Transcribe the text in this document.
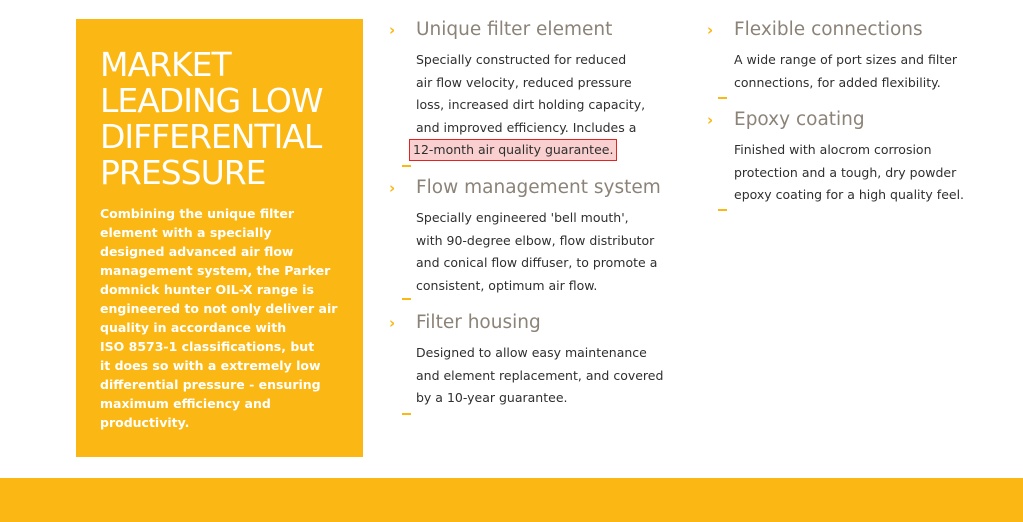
MARKET
LEADING LOW
DIFFERENTIAL
PRESSURE

Combining the unique filter
element with a specially
designed advanced air flow
management system, the Parker
domnick hunter OIL-X range is
engineered to not only deliver air
quality in accordance with
ISO 8573-1 classifications, but
it does so with a extremely low
differential pressure - ensuring
maximum efficiency and
productivity.

› Unique filter element
Specially constructed for reduced
air flow velocity, reduced pressure
loss, increased dirt holding capacity,
and improved efficiency. Includes a
12-month air quality guarantee.
› Flow management system
Specially engineered 'bell mouth',
with 90-degree elbow, flow distributor
and conical flow diffuser, to promote a
consistent, optimum air flow.
› Filter housing
Designed to allow easy maintenance
and element replacement, and covered
by a 10-year guarantee.
› Flexible connections
A wide range of port sizes and filter
connections, for added flexibility.
› Epoxy coating
Finished with alocrom corrosion
protection and a tough, dry powder
epoxy coating for a high quality feel.
